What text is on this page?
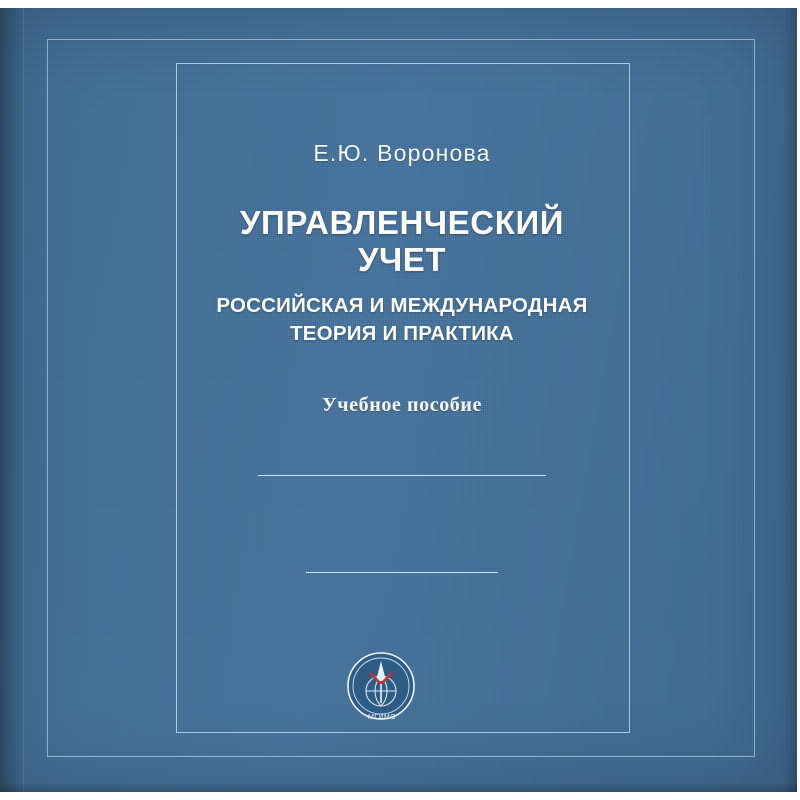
Е.Ю. Воронова
УПРАВЛЕНЧЕСКИЙ
УЧЕТ
РОССИЙСКАЯ И МЕЖДУНАРОДНАЯ
ТЕОРИЯ И ПРАКТИКА
Учебное пособие
МГИМО
